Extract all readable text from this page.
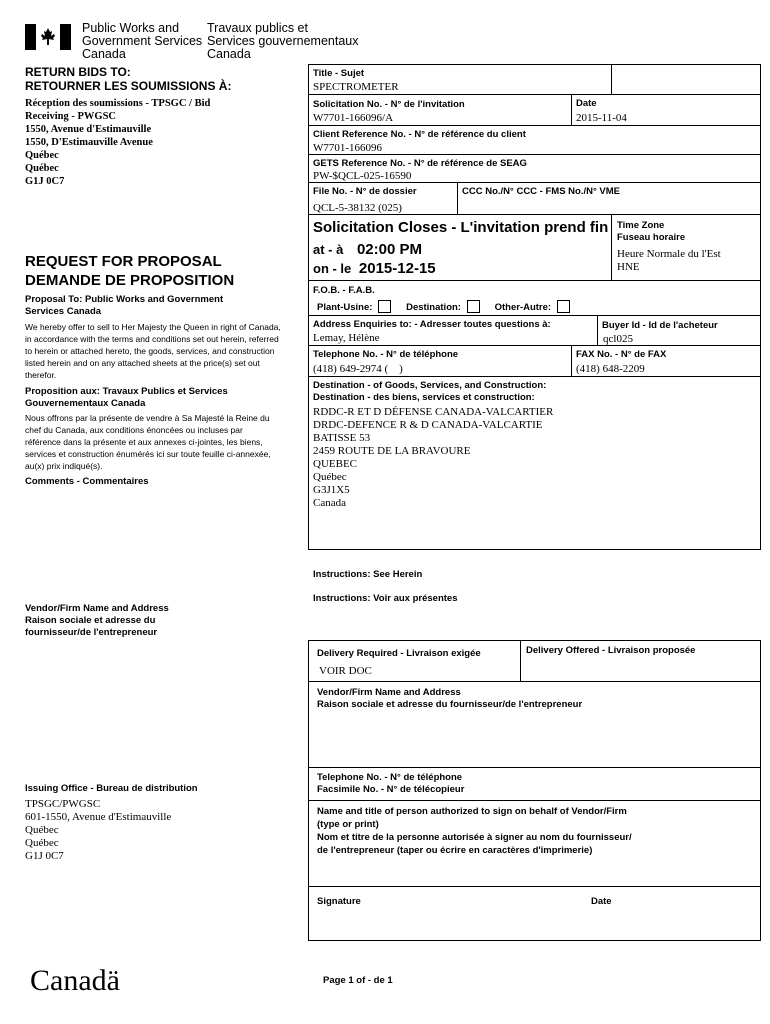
Public Works and
Government Services
Canada
Travaux publics et
Services gouvernementaux
Canada
RETURN BIDS TO:
RETOURNER LES SOUMISSIONS À:
Réception des soumissions - TPSGC / Bid
Receiving - PWGSC
1550, Avenue d'Estimauville
1550, D'Estimauville Avenue
Québec
Québec
G1J 0C7
REQUEST FOR PROPOSAL
DEMANDE DE PROPOSITION
Proposal To: Public Works and Government
Services Canada
We hereby offer to sell to Her Majesty the Queen in right of Canada, in accordance with the terms and conditions set out herein, referred to herein or attached hereto, the goods, services, and construction listed herein and on any attached sheets at the price(s) set out therefor.
Proposition aux: Travaux Publics et Services
Gouvernementaux Canada
Nous offrons par la présente de vendre à Sa Majesté la Reine du chef du Canada, aux conditions énoncées ou incluses par référence dans la présente et aux annexes ci-jointes, les biens, services et construction énumérés ici sur toute feuille ci-annexée, au(x) prix indiqué(s).
Comments - Commentaires
Vendor/Firm Name and Address
Raison sociale et adresse du
fournisseur/de l'entrepreneur
Issuing Office - Bureau de distribution
TPSGC/PWGSC
601-1550, Avenue d'Estimauville
Québec
Québec
G1J 0C7
Canadä
Title - Sujet
SPECTROMETER
Solicitation No. - N° de l'invitation
W7701-166096/A
Date
2015-11-04
Client Reference No. - N° de référence du client
W7701-166096
GETS Reference No. - N° de référence de SEAG
PW-$QCL-025-16590
File No. - N° de dossier
QCL-5-38132 (025)
CCC No./N° CCC - FMS No./N° VME
Solicitation Closes - L'invitation prend fin
at - à 02:00 PM
on - le 2015-12-15
Time Zone
Fuseau horaire
Heure Normale du l'Est
HNE
F.O.B. - F.A.B.
Plant-Usine:	Destination:	Other-Autre:
Address Enquiries to: - Adresser toutes questions à:
Lemay, Hélène
Buyer Id - Id de l'acheteur
qcl025
Telephone No. - N° de téléphone
(418) 649-2974 (    )
FAX No. - N° de FAX
(418) 648-2209
Destination - of Goods, Services, and Construction:
Destination - des biens, services et construction:
RDDC-R ET D DÉFENSE CANADA-VALCARTIER
DRDC-DEFENCE R & D CANADA-VALCARTIE
BATISSE 53
2459 ROUTE DE LA BRAVOURE
QUEBEC
Québec
G3J1X5
Canada
Instructions: See Herein
Instructions: Voir aux présentes
Delivery Required - Livraison exigée
VOIR DOC
Delivery Offered - Livraison proposée
Vendor/Firm Name and Address
Raison sociale et adresse du fournisseur/de l'entrepreneur
Telephone No. - N° de téléphone
Facsimile No. - N° de télécopieur
Name and title of person authorized to sign on behalf of Vendor/Firm
(type or print)
Nom et titre de la personne autorisée à signer au nom du fournisseur/
de l'entrepreneur (taper ou écrire en caractères d'imprimerie)
Signature	Date
Page 1 of - de 1
